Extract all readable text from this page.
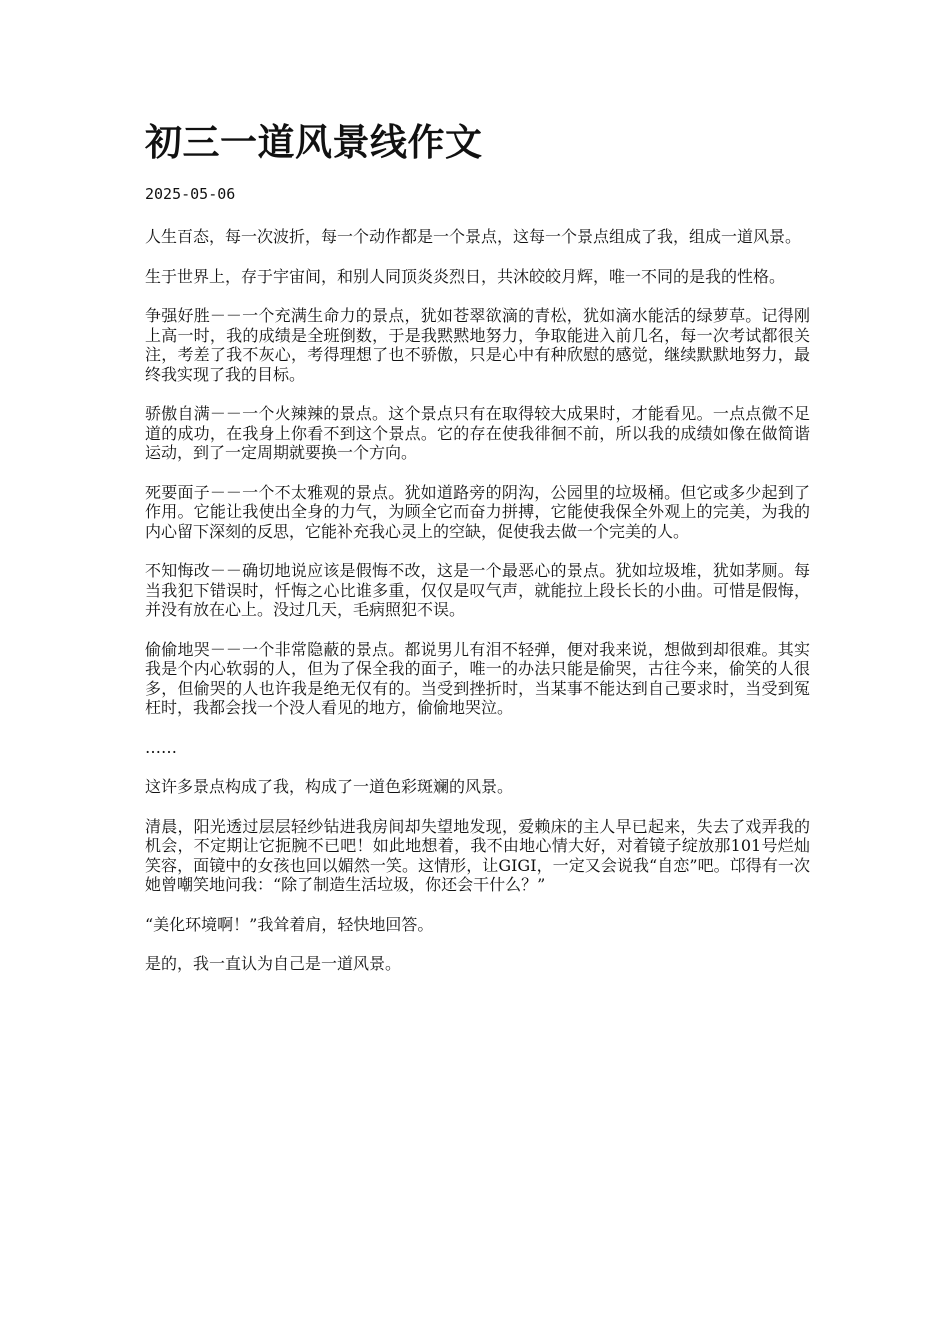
初三一道风景线作文
2025-05-06

人生百态，每一次波折，每一个动作都是一个景点，这每一个景点组成了我，组成一道风景。

生于世界上，存于宇宙间，和别人同顶炎炎烈日，共沐皎皎月辉，唯一不同的是我的性格。

争强好胜－－一个充满生命力的景点，犹如苍翠欲滴的青松，犹如滴水能活的绿萝草。记得刚上高一时，我的成绩是全班倒数，于是我黙黙地努力，争取能进入前几名，每一次考试都很关注，考差了我不灰心，考得理想了也不骄傲，只是心中有种欣慰的感觉，继续默默地努力，最终我实现了我的目标。

骄傲自满－－一个火辣辣的景点。这个景点只有在取得较大成果时，才能看见。一点点微不足道的成功，在我身上你看不到这个景点。它的存在使我徘徊不前，所以我的成绩如像在做简谐运动，到了一定周期就要换一个方向。

死要面子－－一个不太雅观的景点。犹如道路旁的阴沟，公园里的垃圾桶。但它或多少起到了作用。它能让我使出全身的力气，为顾全它而奋力拼搏，它能使我保全外观上的完美，为我的内心留下深刻的反思，它能补充我心灵上的空缺，促使我去做一个完美的人。

不知悔改－－确切地说应该是假悔不改，这是一个最恶心的景点。犹如垃圾堆，犹如茅厕。每当我犯下错误时，忏悔之心比谁多重，仅仅是叹气声，就能拉上段长长的小曲。可惜是假悔，并没有放在心上。没过几天，毛病照犯不误。

偷偷地哭－－一个非常隐蔽的景点。都说男儿有泪不轻弹，便对我来说，想做到却很难。其实我是个内心软弱的人，但为了保全我的面子，唯一的办法只能是偷哭，古往今来，偷笑的人很多，但偷哭的人也许我是绝无仅有的。当受到挫折时，当某事不能达到自己要求时，当受到冤枉时，我都会找一个没人看见的地方，偷偷地哭泣。

……

这许多景点构成了我，构成了一道色彩斑斓的风景。

清晨，阳光透过层层轻纱钻进我房间却失望地发现，爱赖床的主人早已起来，失去了戏弄我的机会，不定期让它扼腕不已吧！如此地想着，我不由地心情大好，对着镜子绽放那101号烂灿笑容，面镜中的女孩也回以媚然一笑。这情形，让GIGI，一定又会说我“自恋”吧。邙得有一次她曾嘲笑地问我：“除了制造生活垃圾，你还会干什么？”

“美化环境啊！”我耸着肩，轻快地回答。

是的，我一直认为自己是一道风景。
